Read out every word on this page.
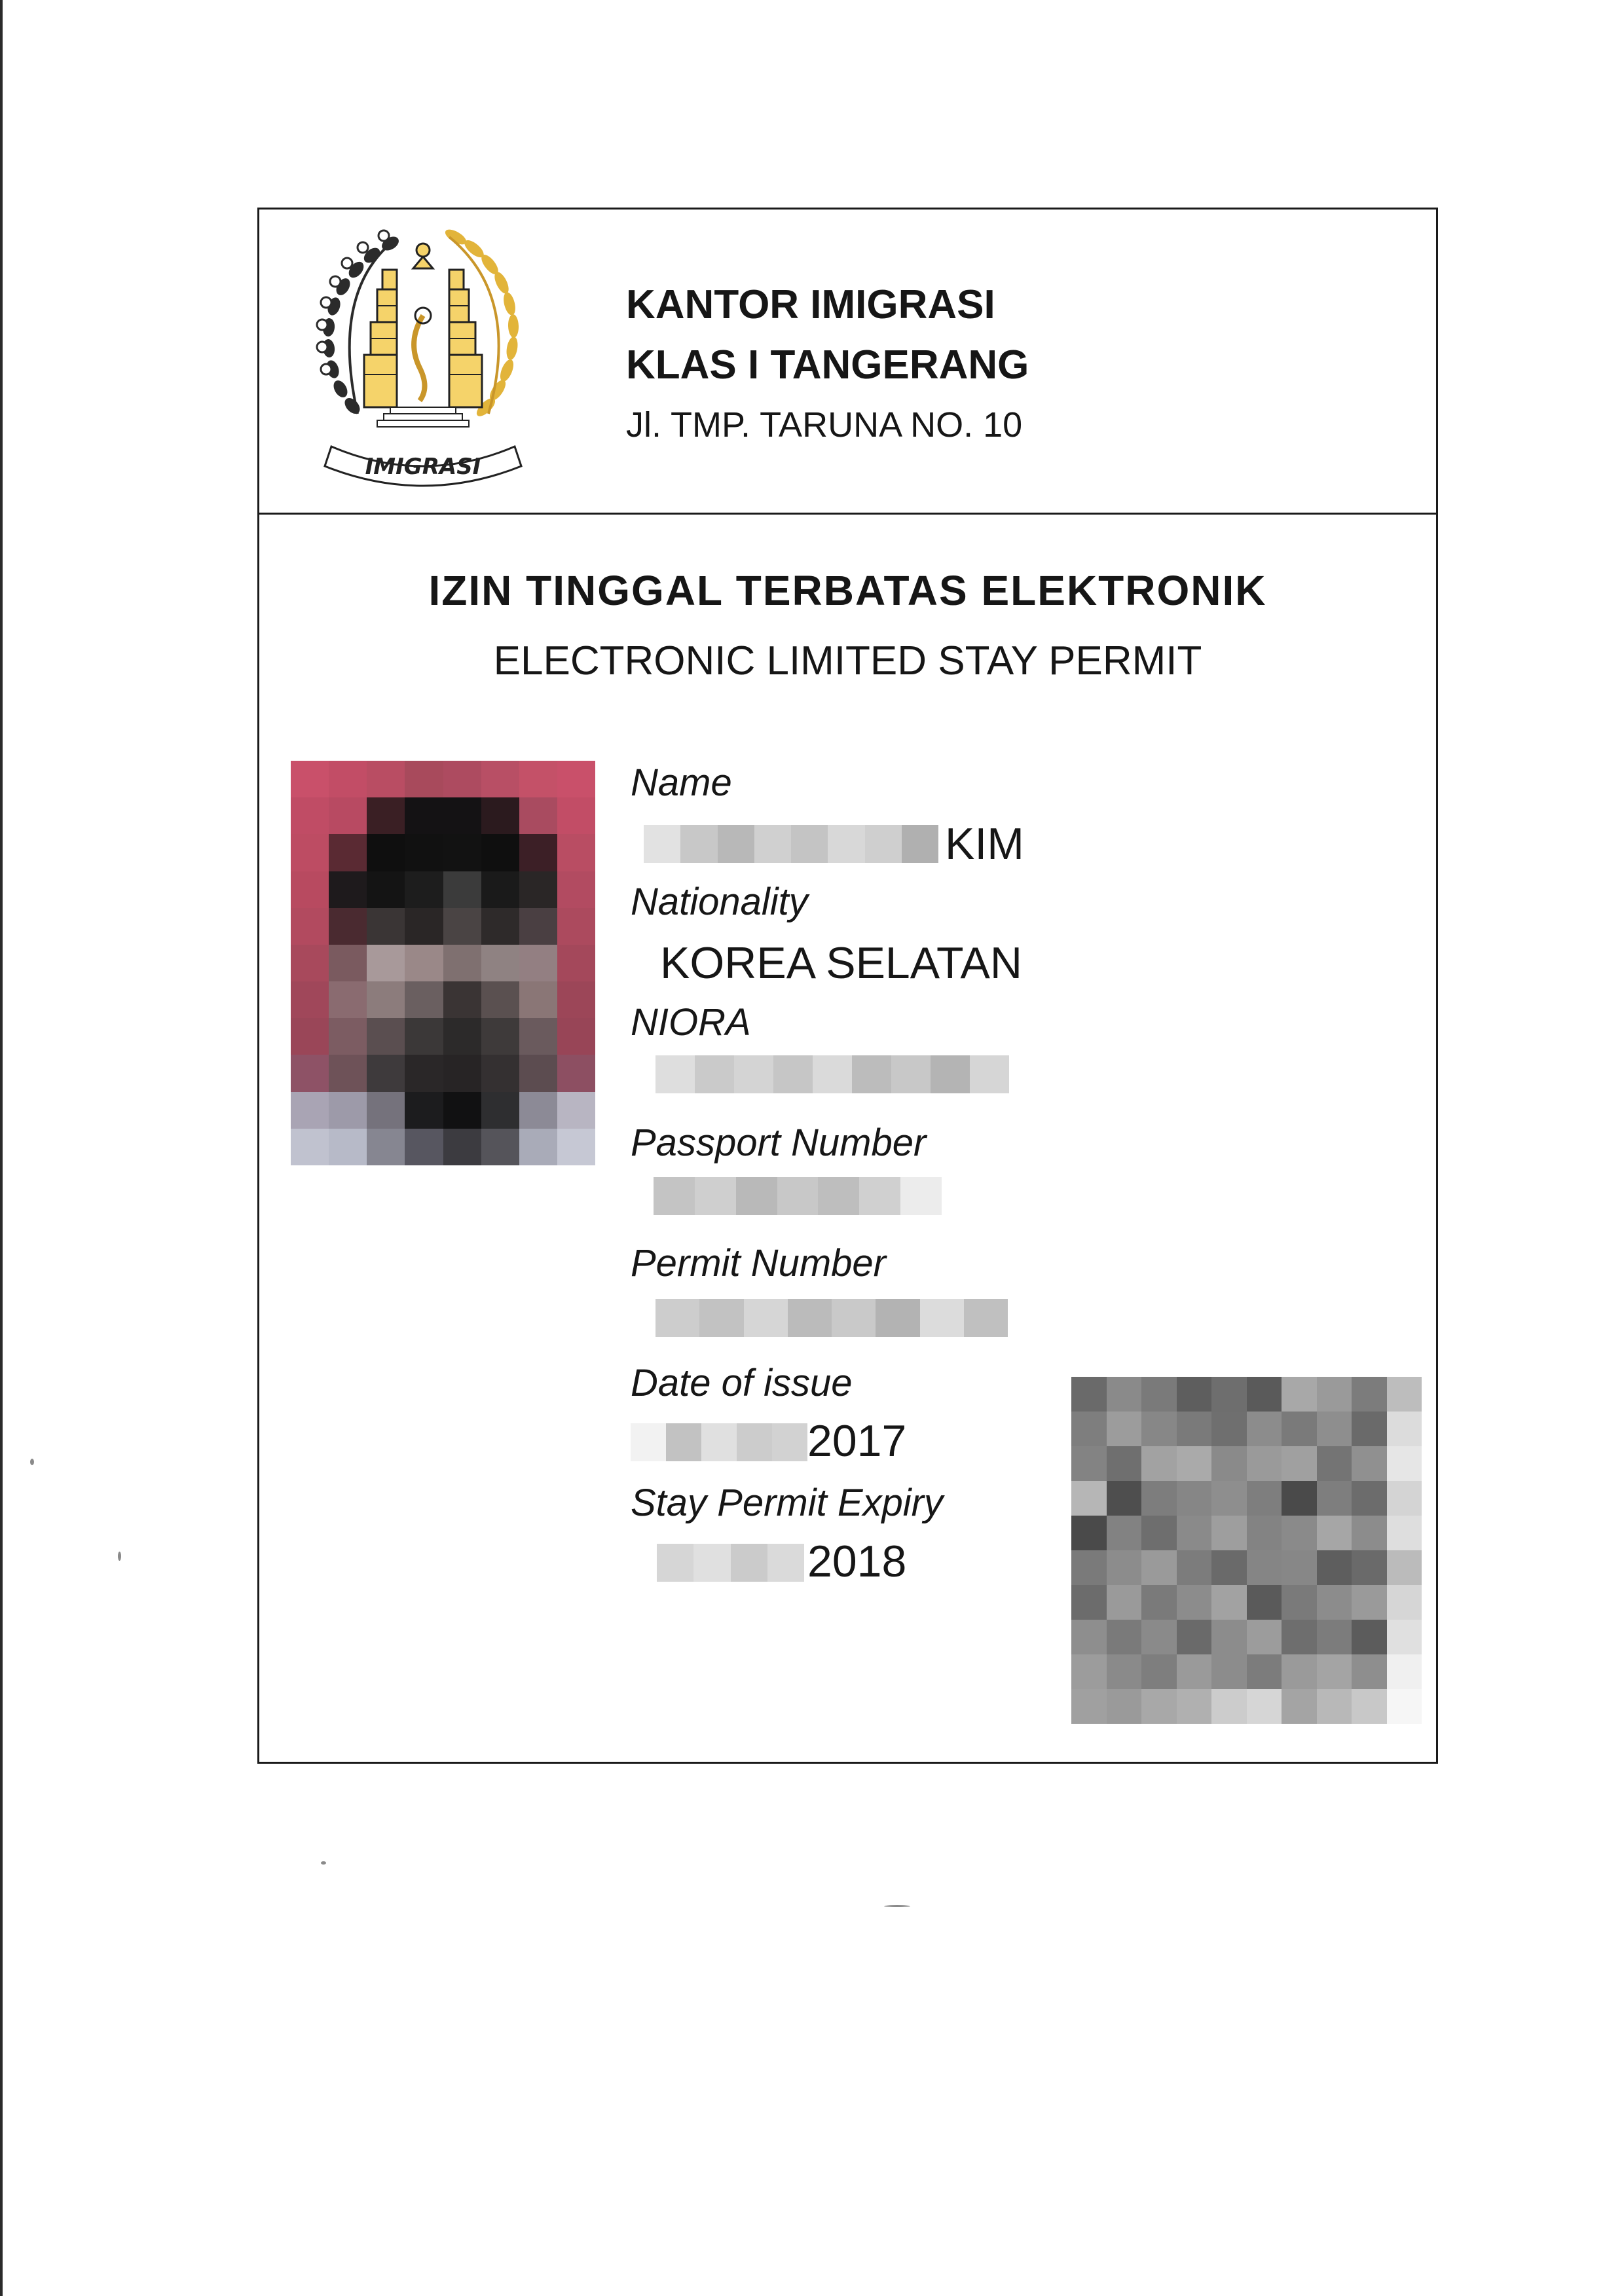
IMIGRASI
KANTOR IMIGRASI
KLAS I TANGERANG
Jl. TMP. TARUNA NO. 10
IZIN TINGGAL TERBATAS ELEKTRONIK
ELECTRONIC LIMITED STAY PERMIT
Name
KIM
Nationality
KOREA SELATAN
NIORA
Passport Number
Permit Number
Date of issue
2017
Stay Permit Expiry
2018
